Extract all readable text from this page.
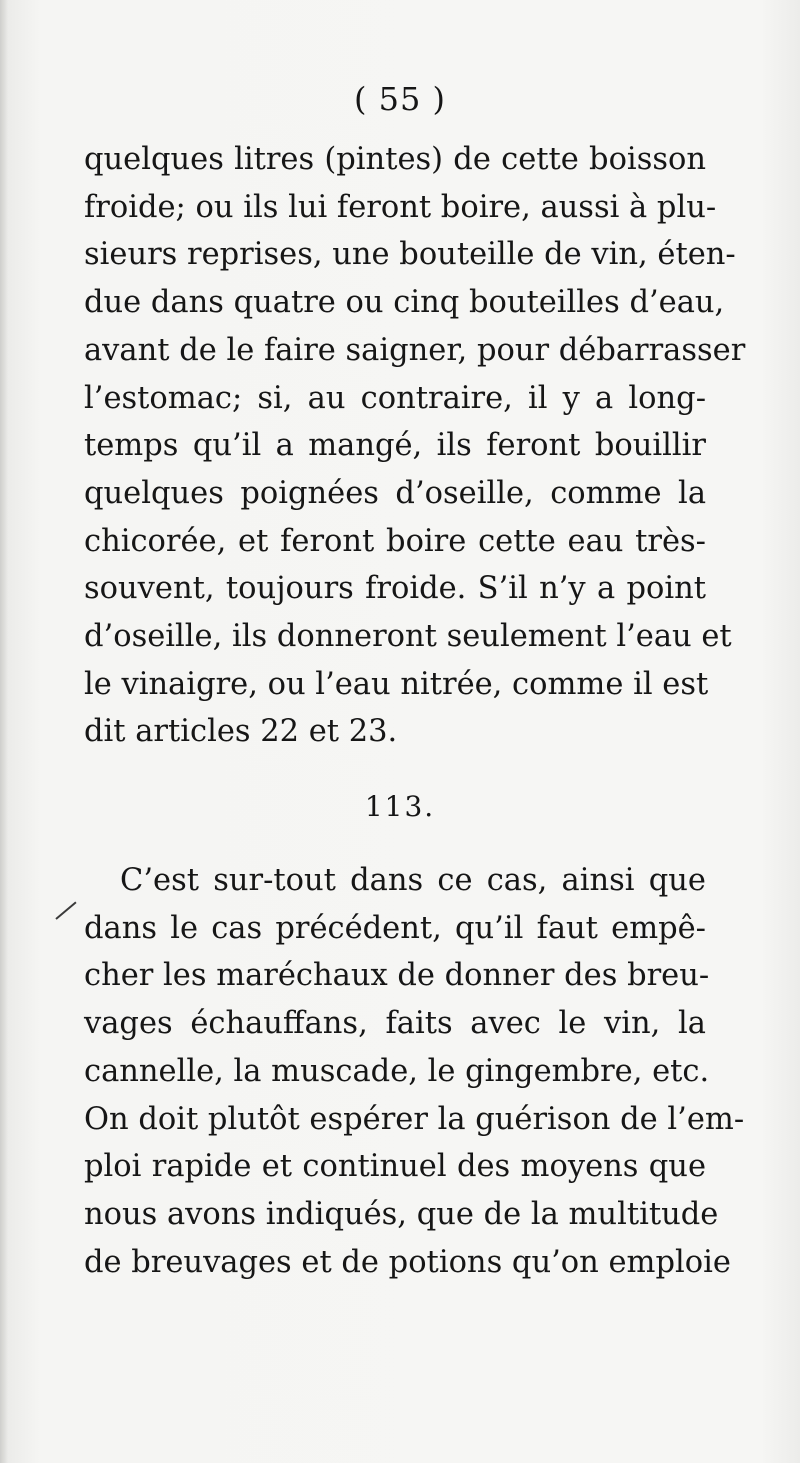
( 55 )
quelques litres (pintes) de cette boisson
froide; ou ils lui feront boire, aussi à plu-
sieurs reprises, une bouteille de vin, éten-
due dans quatre ou cinq bouteilles d’eau,
avant de le faire saigner, pour débarrasser
l’estomac; si, au contraire, il y a long-
temps qu’il a mangé, ils feront bouillir
quelques poignées d’oseille, comme la
chicorée, et feront boire cette eau très-
souvent, toujours froide. S’il n’y a point
d’oseille, ils donneront seulement l’eau et
le vinaigre, ou l’eau nitrée, comme il est
dit articles 22 et 23.
113.
C’est sur-tout dans ce cas, ainsi que
dans le cas précédent, qu’il faut empê-
cher les maréchaux de donner des breu-
vages échauffans, faits avec le vin, la
cannelle, la muscade, le gingembre, etc.
On doit plutôt espérer la guérison de l’em-
ploi rapide et continuel des moyens que
nous avons indiqués, que de la multitude
de breuvages et de potions qu’on emploie
